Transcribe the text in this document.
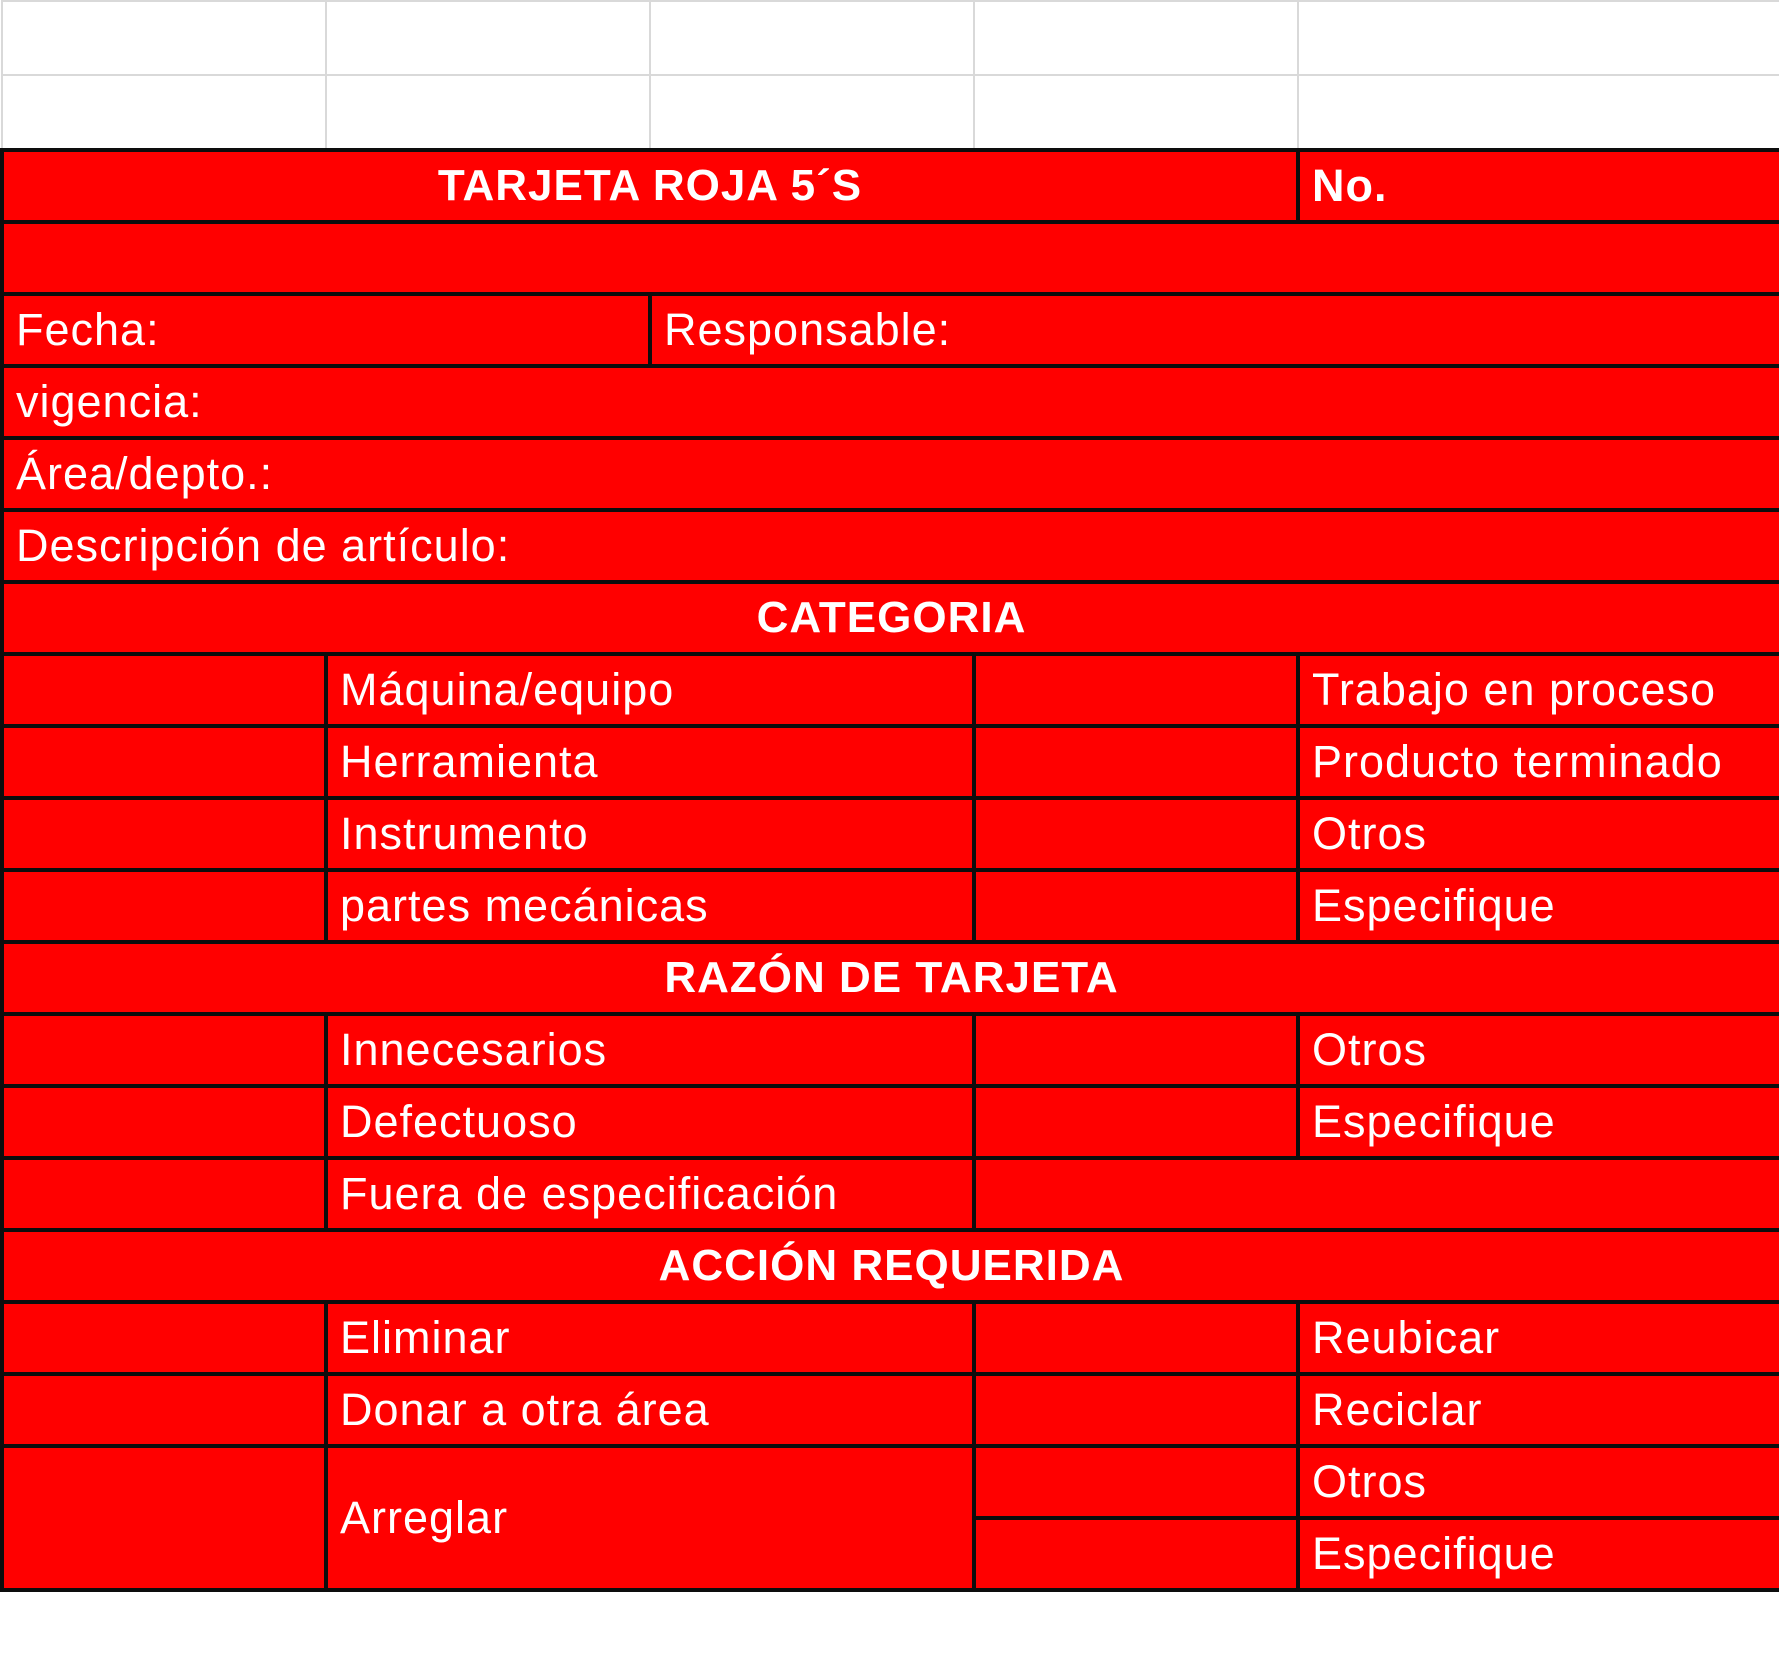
TARJETA ROJA 5´S				No.

Fecha:		Responsable:		
vigencia:				
Área/depto.:				
Descripción de artículo:				
CATEGORIA				
	Máquina/equipo			Trabajo en proceso
	Herramienta			Producto terminado
	Instrumento			Otros
	partes mecánicas			Especifique
RAZÓN DE TARJETA				
	Innecesarios			Otros
	Defectuoso			Especifique
	Fuera de especificación			
ACCIÓN REQUERIDA				
	Eliminar			Reubicar
	Donar a otra área			Reciclar
	Arreglar			Otros
				Especifique
